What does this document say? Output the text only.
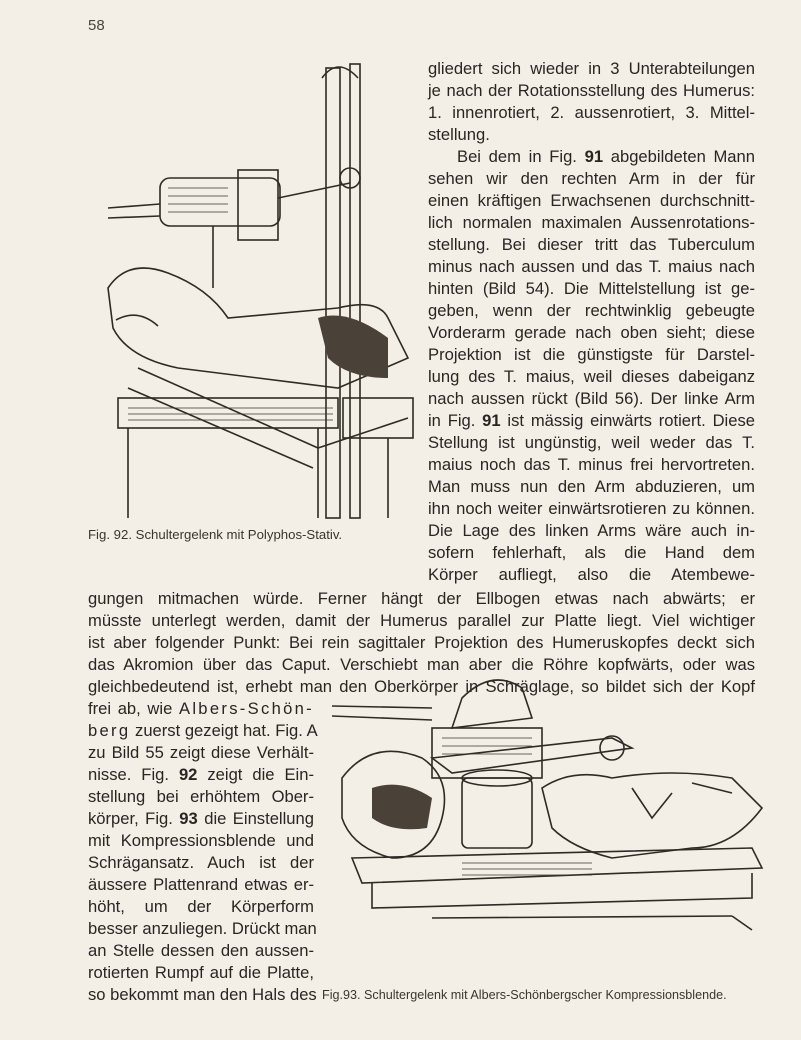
58
Fig. 92. Schultergelenk mit Polyphos-Stativ.
gliedert sich wieder in 3 Unterabteilungen
je nach der Rotationsstellung des Humerus:
1. innenrotiert, 2. aussenrotiert, 3. Mittel-
stellung.
Bei dem in Fig. 91 abgebildeten Mann
sehen wir den rechten Arm in der für
einen kräftigen Erwachsenen durchschnitt-
lich normalen maximalen Aussenrotations-
stellung. Bei dieser tritt das Tuberculum
minus nach aussen und das T. maius nach
hinten (Bild 54). Die Mittelstellung ist ge-
geben, wenn der rechtwinklig gebeugte
Vorderarm gerade nach oben sieht; diese
Projektion ist die günstigste für Darstel-
lung des T. maius, weil dieses dabeiganz
nach aussen rückt (Bild 56). Der linke Arm
in Fig. 91 ist mässig einwärts rotiert. Diese
Stellung ist ungünstig, weil weder das T.
maius noch das T. minus frei hervortreten.
Man muss nun den Arm abduzieren, um
ihn noch weiter einwärtsrotieren zu können.
Die Lage des linken Arms wäre auch in-
sofern fehlerhaft, als die Hand dem
Körper aufliegt, also die Atembewe-
gungen mitmachen würde. Ferner hängt der Ellbogen etwas nach abwärts; er
müsste unterlegt werden, damit der Humerus parallel zur Platte liegt. Viel wichtiger
ist aber folgender Punkt: Bei rein sagittaler Projektion des Humeruskopfes deckt sich
das Akromion über das Caput. Verschiebt man aber die Röhre kopfwärts, oder was
gleichbedeutend ist, erhebt man den Oberkörper in Schräglage, so bildet sich der Kopf
frei ab, wie Albers-Schön-
berg zuerst gezeigt hat. Fig. A
zu Bild 55 zeigt diese Verhält-
nisse. Fig. 92 zeigt die Ein-
stellung bei erhöhtem Ober-
körper, Fig. 93 die Einstellung
mit Kompressionsblende und
Schrägansatz. Auch ist der
äussere Plattenrand etwas er-
höht, um der Körperform
besser anzuliegen. Drückt man
an Stelle dessen den aussen-
rotierten Rumpf auf die Platte,
so bekommt man den Hals des Fig.93. Schultergelenk mit Albers-Schönbergscher Kompressionsblende.
